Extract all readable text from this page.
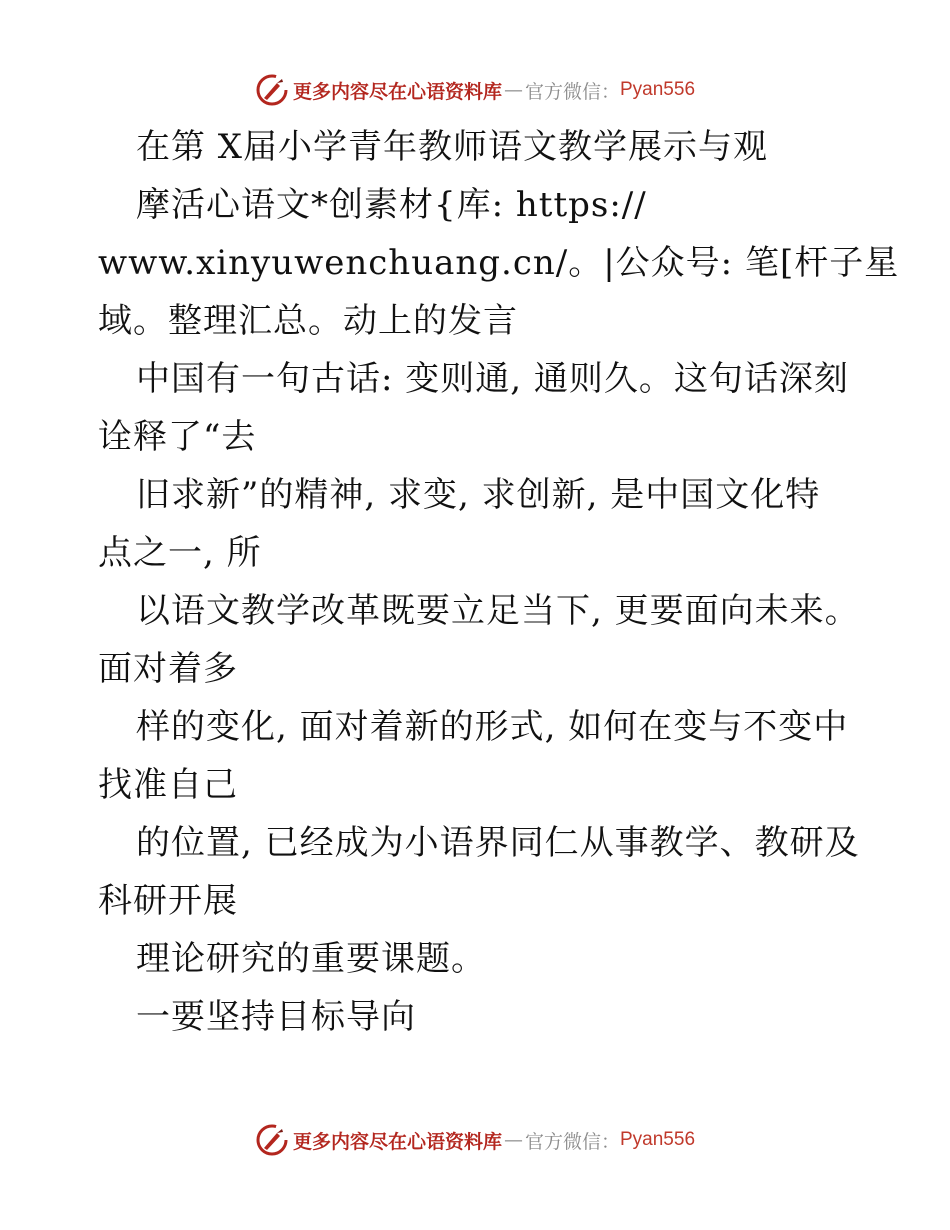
更多内容尽在心语资料库 — 官方微信： Pyan556
在第 X届小学青年教师语文教学展示与观
摩活心语文*创素材{库: https://
www.xinyuwenchuang.cn/。|公众号: 笔[杆子星
域。整理汇总。动上的发言
中国有一句古话: 变则通, 通则久。这句话深刻
诠释了“去
旧求新”的精神, 求变, 求创新, 是中国文化特
点之一, 所
以语文教学改革既要立足当下, 更要面向未来。
面对着多
样的变化, 面对着新的形式, 如何在变与不变中
找准自己
的位置, 已经成为小语界同仁从事教学、教研及
科研开展
理论研究的重要课题。
一要坚持目标导向
更多内容尽在心语资料库 — 官方微信： Pyan556
